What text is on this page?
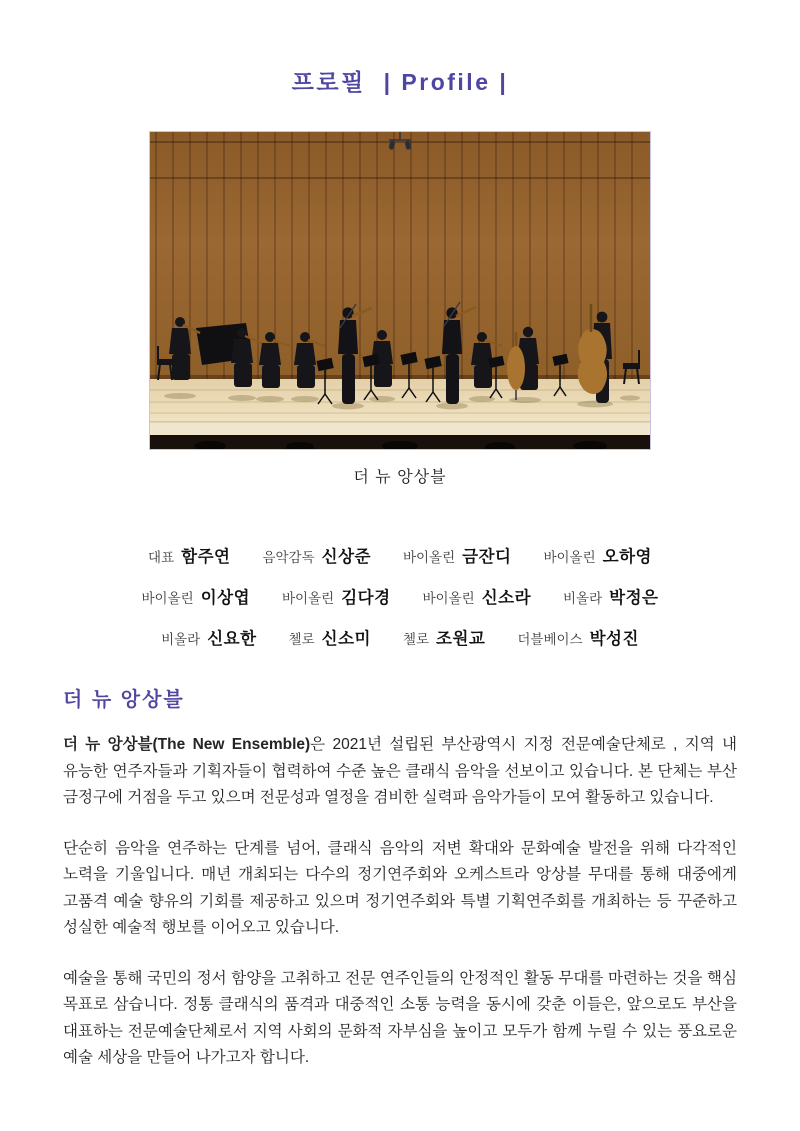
프로필  | Profile |
더 뉴 앙상블
대표 함주연 음악감독 신상준 바이올린 금잔디 바이올린 오하영
바이올린 이상엽 바이올린 김다경 바이올린 신소라 비올라 박정은
비올라 신요한 첼로 신소미 첼로 조원교 더블베이스 박성진
더 뉴 앙상블

더 뉴 앙상블(The New Ensemble)은 2021년 설립된 부산광역시 지정 전문예술단체로 , 지역 내 유능한 연주자들과 기획자들이 협력하여 수준 높은 클래식 음악을 선보이고 있습니다. 본 단체는 부산 금정구에 거점을 두고 있으며 전문성과 열정을 겸비한 실력파 음악가들이 모여 활동하고 있습니다.

단순히 음악을 연주하는 단계를 넘어, 클래식 음악의 저변 확대와 문화예술 발전을 위해 다각적인 노력을 기울입니다. 매년 개최되는 다수의 정기연주회와 오케스트라 앙상블 무대를 통해 대중에게 고품격 예술 향유의 기회를 제공하고 있으며 정기연주회와 특별 기획연주회를 개최하는 등 꾸준하고 성실한 예술적 행보를 이어오고 있습니다.

예술을 통해 국민의 정서 함양을 고취하고 전문 연주인들의 안정적인 활동 무대를 마련하는 것을 핵심 목표로 삼습니다. 정통 클래식의 품격과 대중적인 소통 능력을 동시에 갖춘 이들은, 앞으로도 부산을 대표하는 전문예술단체로서 지역 사회의 문화적 자부심을 높이고 모두가 함께 누릴 수 있는 풍요로운 예술 세상을 만들어 나가고자 합니다.
